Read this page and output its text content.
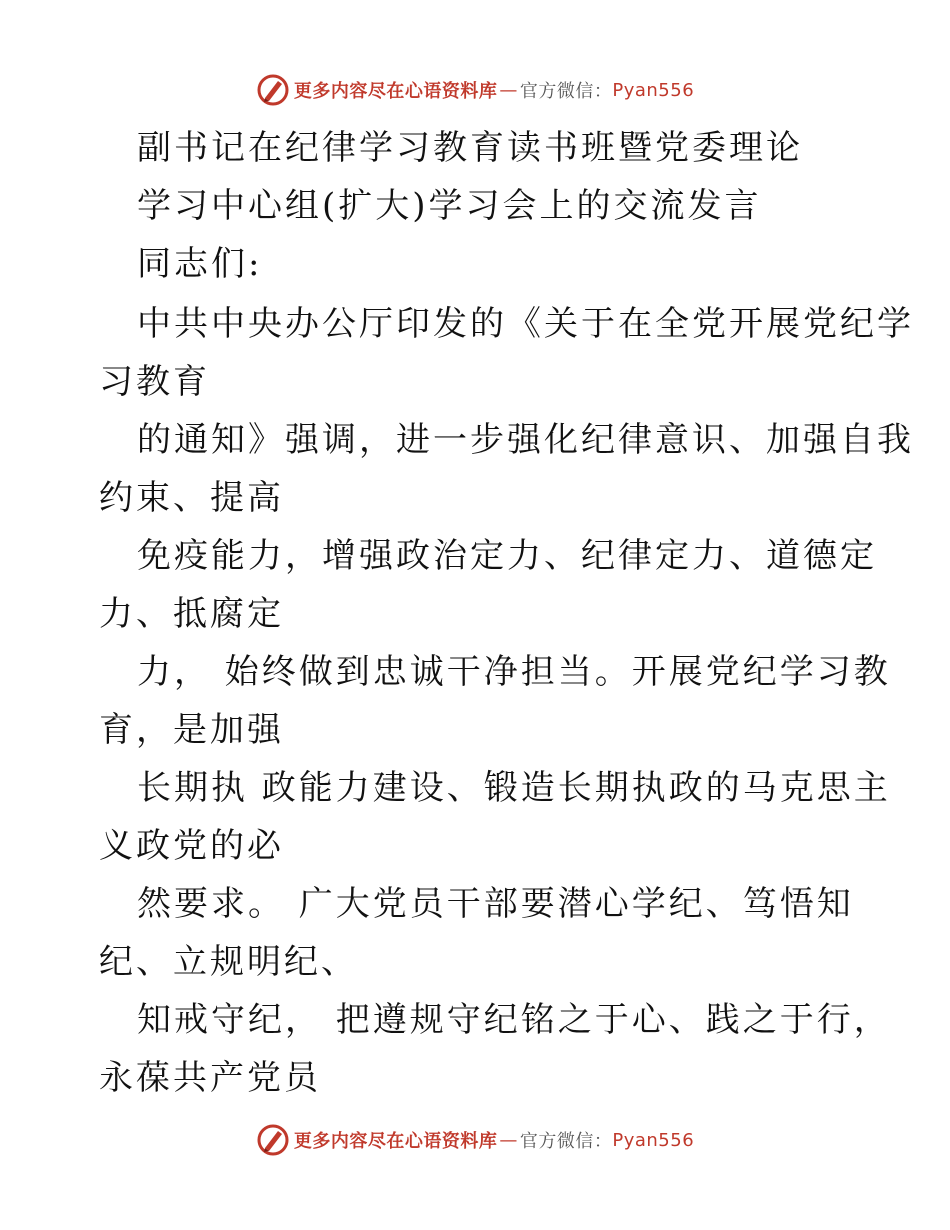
更多内容尽在心语资料库 — 官方微信： Pyan556
副书记在纪律学习教育读书班暨党委理论
学习中心组(扩大)学习会上的交流发言
同志们:
中共中央办公厅印发的《关于在全党开展党纪学
习教育
的通知》强调，进一步强化纪律意识、加强自我
约束、提高
免疫能力，增强政治定力、纪律定力、道德定
力、抵腐定
力， 始终做到忠诚干净担当。开展党纪学习教
育，是加强
长期执 政能力建设、锻造长期执政的马克思主
义政党的必
然要求。 广大党员干部要潜心学纪、笃悟知
纪、立规明纪、
知戒守纪， 把遵规守纪铭之于心、践之于行，
永葆共产党员
更多内容尽在心语资料库 — 官方微信： Pyan556
